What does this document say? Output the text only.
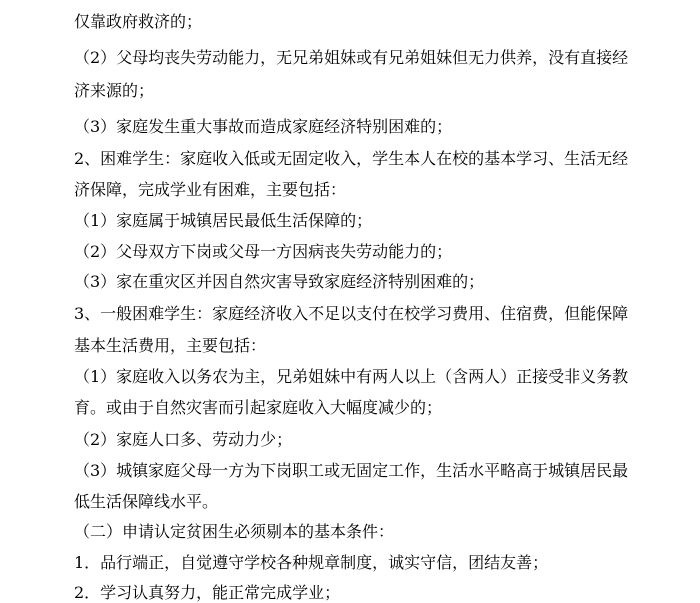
仅靠政府救济的；
（2）父母均丧失劳动能力，无兄弟姐妹或有兄弟姐妹但无力供养，没有直接经
济来源的；
（3）家庭发生重大事故而造成家庭经济特别困难的；
2、困难学生：家庭收入低或无固定收入，学生本人在校的基本学习、生活无经
济保障，完成学业有困难，主要包括：
（1）家庭属于城镇居民最低生活保障的；
（2）父母双方下岗或父母一方因病丧失劳动能力的；
（3）家在重灾区并因自然灾害导致家庭经济特别困难的；
3、一般困难学生：家庭经济收入不足以支付在校学习费用、住宿费，但能保障
基本生活费用，主要包括：
（1）家庭收入以务农为主，兄弟姐妹中有两人以上（含两人）正接受非义务教
育。或由于自然灾害而引起家庭收入大幅度减少的；
（2）家庭人口多、劳动力少；
（3）城镇家庭父母一方为下岗职工或无固定工作，生活水平略高于城镇居民最
低生活保障线水平。
（二）申请认定贫困生必须剔本的基本条件：
1．品行端正，自觉遵守学校各种规章制度，诚实守信，团结友善；
2．学习认真努力，能正常完成学业；
